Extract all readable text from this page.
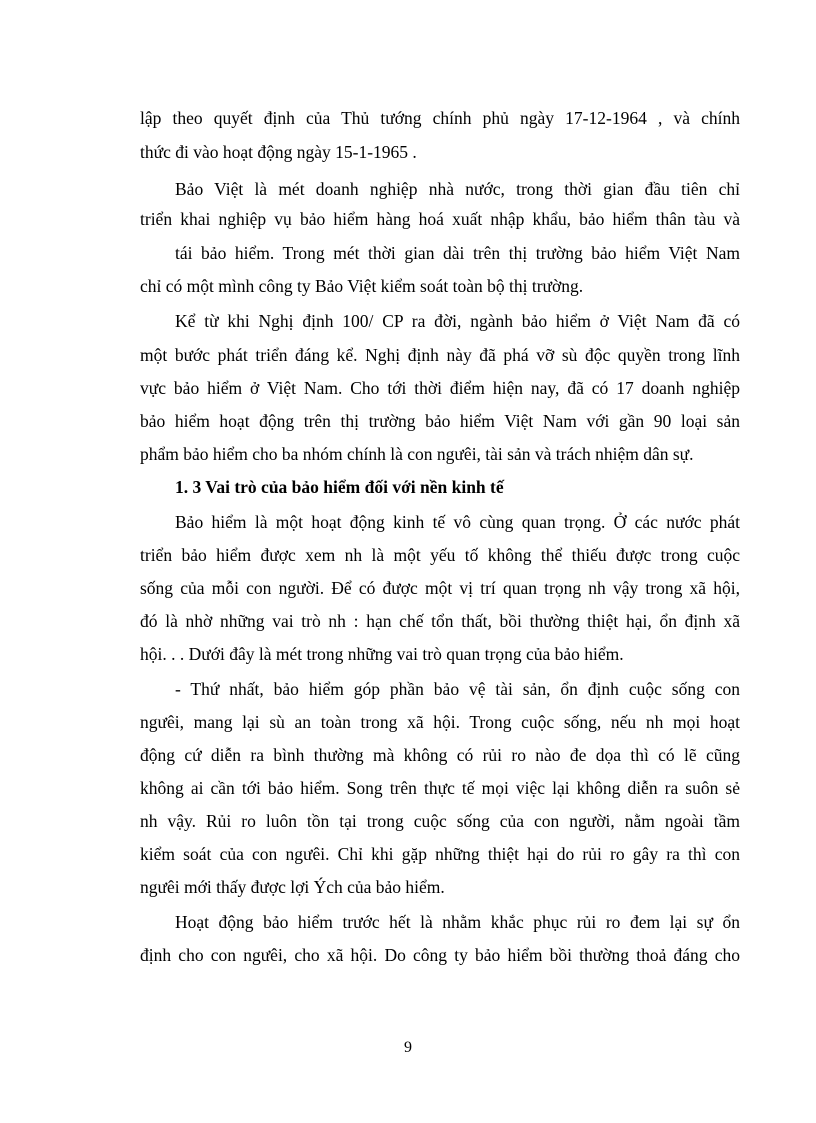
lập theo quyết định của Thủ tướng chính phủ ngày 17-12-1964 , và chính
thức đi vào hoạt động ngày 15-1-1965 .
Bảo Việt là mét doanh nghiệp nhà nước, trong thời gian đầu tiên chỉ
triển khai nghiệp vụ bảo hiểm hàng hoá xuất nhập khẩu, bảo hiểm thân tàu và
tái bảo hiểm. Trong mét thời gian dài trên thị trường bảo hiểm Việt Nam
chỉ có một mình công ty Bảo Việt kiểm soát toàn bộ thị trường.
Kể từ khi Nghị định 100/ CP ra đời, ngành bảo hiểm ở Việt Nam đã có
một bước phát triển đáng kể. Nghị định này đã phá vỡ sù độc quyền trong lĩnh
vực bảo hiểm ở Việt Nam. Cho tới thời điểm hiện nay, đã có 17 doanh nghiệp
bảo hiểm hoạt động trên thị trường bảo hiểm Việt Nam với gần 90 loại sản
phẩm bảo hiểm cho ba nhóm chính là con ngưêi, tài sản và trách nhiệm dân sự.
1. 3 Vai trò của bảo hiểm đối với nền kinh tế
Bảo hiểm là một hoạt động kinh tế vô cùng quan trọng. Ở các nước phát
triển bảo hiểm được xem nh là một yếu tố không thể thiếu được trong cuộc
sống của mỗi con người. Để có được một vị trí quan trọng nh vậy trong xã hội,
đó là nhờ những vai trò nh : hạn chế tổn thất, bồi thường thiệt hại, ổn định xã
hội. . . Dưới đây là mét trong những vai trò quan trọng của bảo hiểm.
- Thứ nhất, bảo hiểm góp phần bảo vệ tài sản, ổn định cuộc sống con
ngưêi, mang lại sù an toàn trong xã hội. Trong cuộc sống, nếu nh mọi hoạt
động cứ diễn ra bình thường mà không có rủi ro nào đe dọa thì có lẽ cũng
không ai cần tới bảo hiểm. Song trên thực tế mọi việc lại không diễn ra suôn sẻ
nh vậy. Rủi ro luôn tồn tại trong cuộc sống của con người, nằm ngoài tầm
kiểm soát của con ngưêi. Chỉ khi gặp những thiệt hại do rủi ro gây ra thì con
ngưêi mới thấy được lợi Ých của bảo hiểm.
Hoạt động bảo hiểm trước hết là nhằm khắc phục rủi ro đem lại sự ổn
định cho con ngưêi, cho xã hội. Do công ty bảo hiểm bồi thường thoả đáng cho
9
